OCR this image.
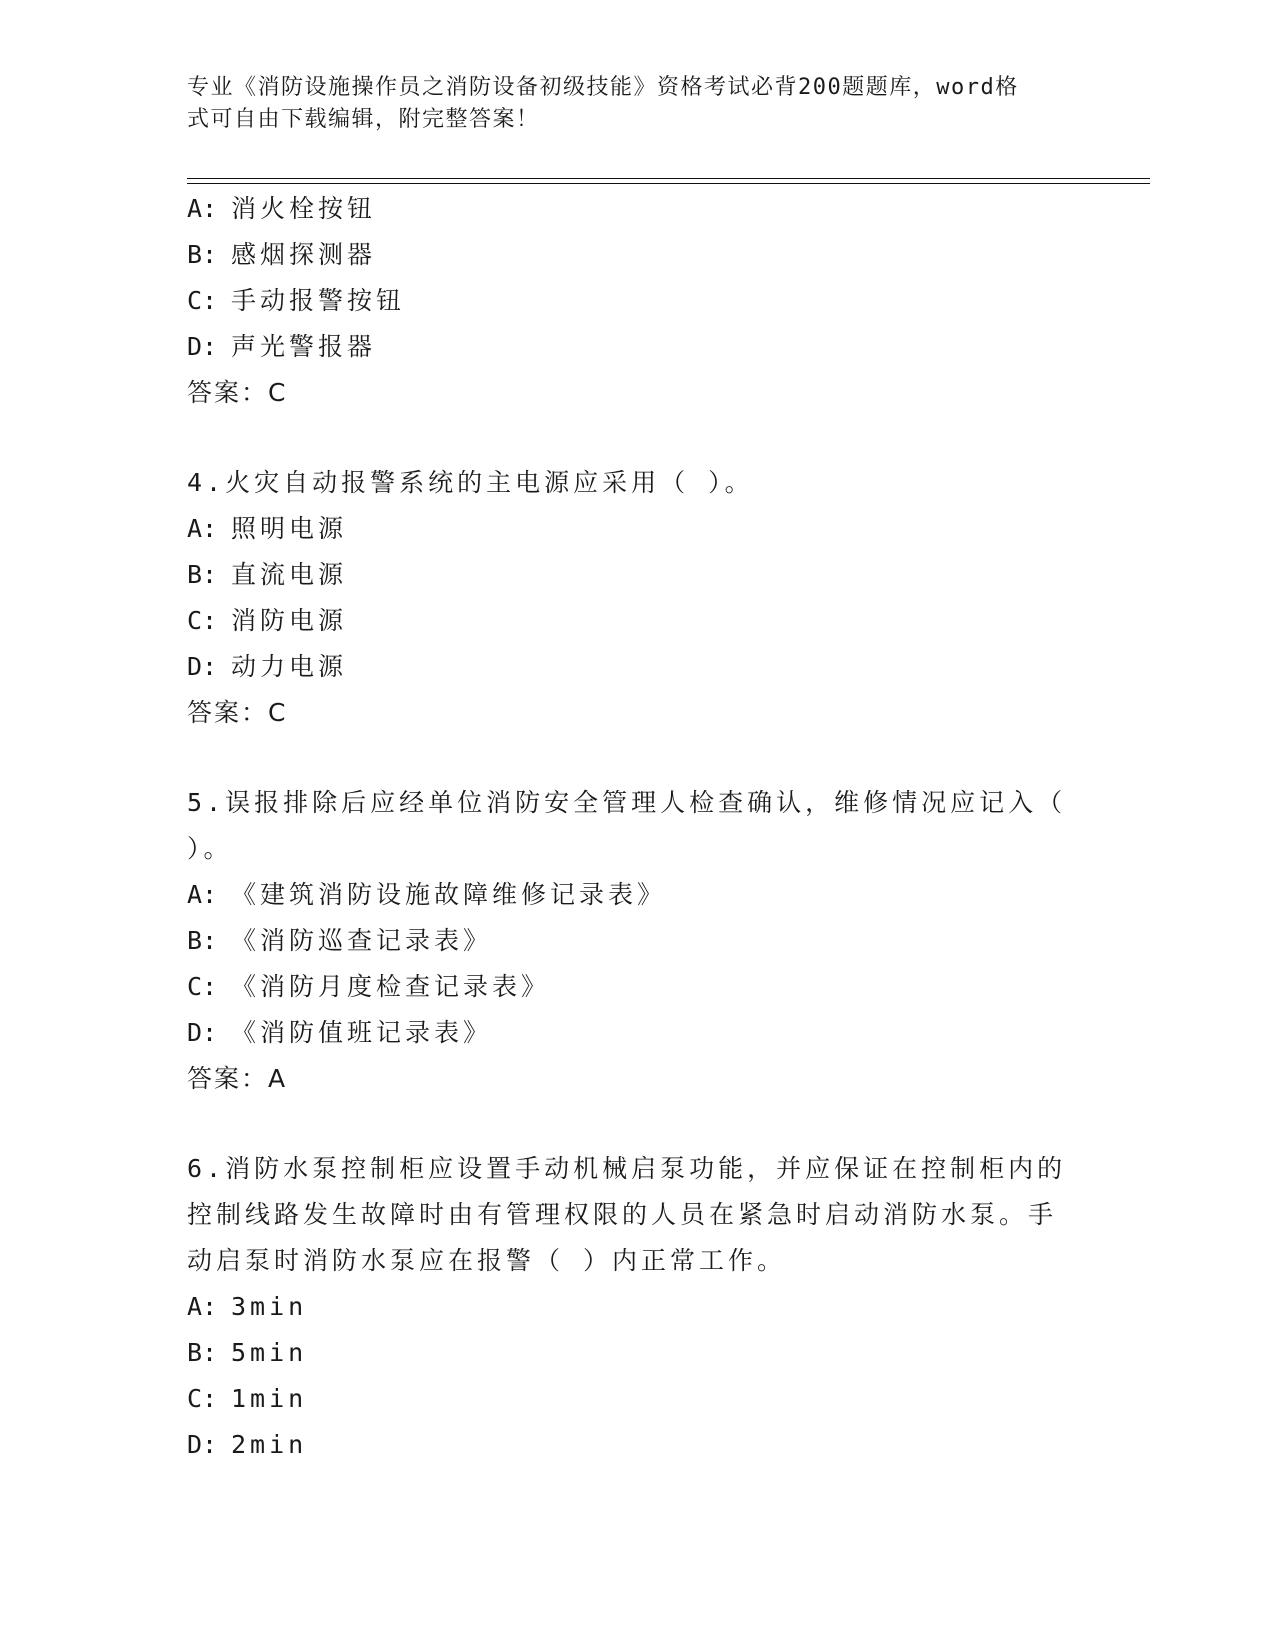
专业《消防设施操作员之消防设备初级技能》资格考试必背200题题库，word格
式可自由下载编辑，附完整答案！
A: 消火栓按钮
B: 感烟探测器
C: 手动报警按钮
D: 声光警报器
答案：C
4.火灾自动报警系统的主电源应采用（ ）。
A: 照明电源
B: 直流电源
C: 消防电源
D: 动力电源
答案：C
5.误报排除后应经单位消防安全管理人检查确认，维修情况应记入（
）。
A: 《建筑消防设施故障维修记录表》
B: 《消防巡查记录表》
C: 《消防月度检查记录表》
D: 《消防值班记录表》
答案：A
6.消防水泵控制柜应设置手动机械启泵功能，并应保证在控制柜内的
控制线路发生故障时由有管理权限的人员在紧急时启动消防水泵。手
动启泵时消防水泵应在报警（ ）内正常工作。
A: 3min
B: 5min
C: 1min
D: 2min
